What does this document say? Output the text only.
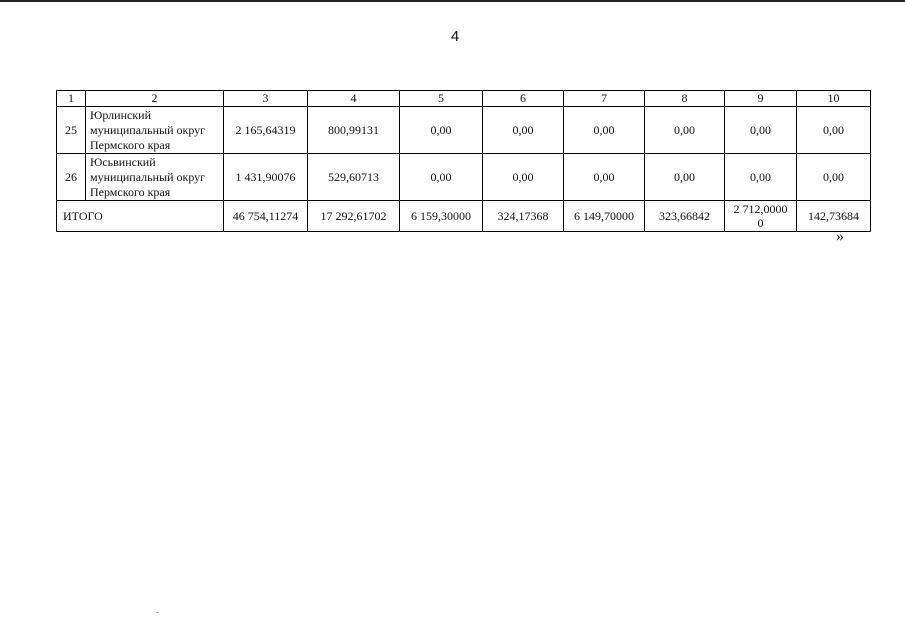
4
1	2	3	4	5	6	7	8	9	10
25	Юрлинский
муниципальный округ
Пермского края	2 165,64319	800,99131	0,00	0,00	0,00	0,00	0,00	0,00
26	Юсьвинский
муниципальный округ
Пермского края	1 431,90076	529,60713	0,00	0,00	0,00	0,00	0,00	0,00
ИТОГО		46 754,11274	17 292,61702	6 159,30000	324,17368	6 149,70000	323,66842	2 712,00000	142,73684
»
